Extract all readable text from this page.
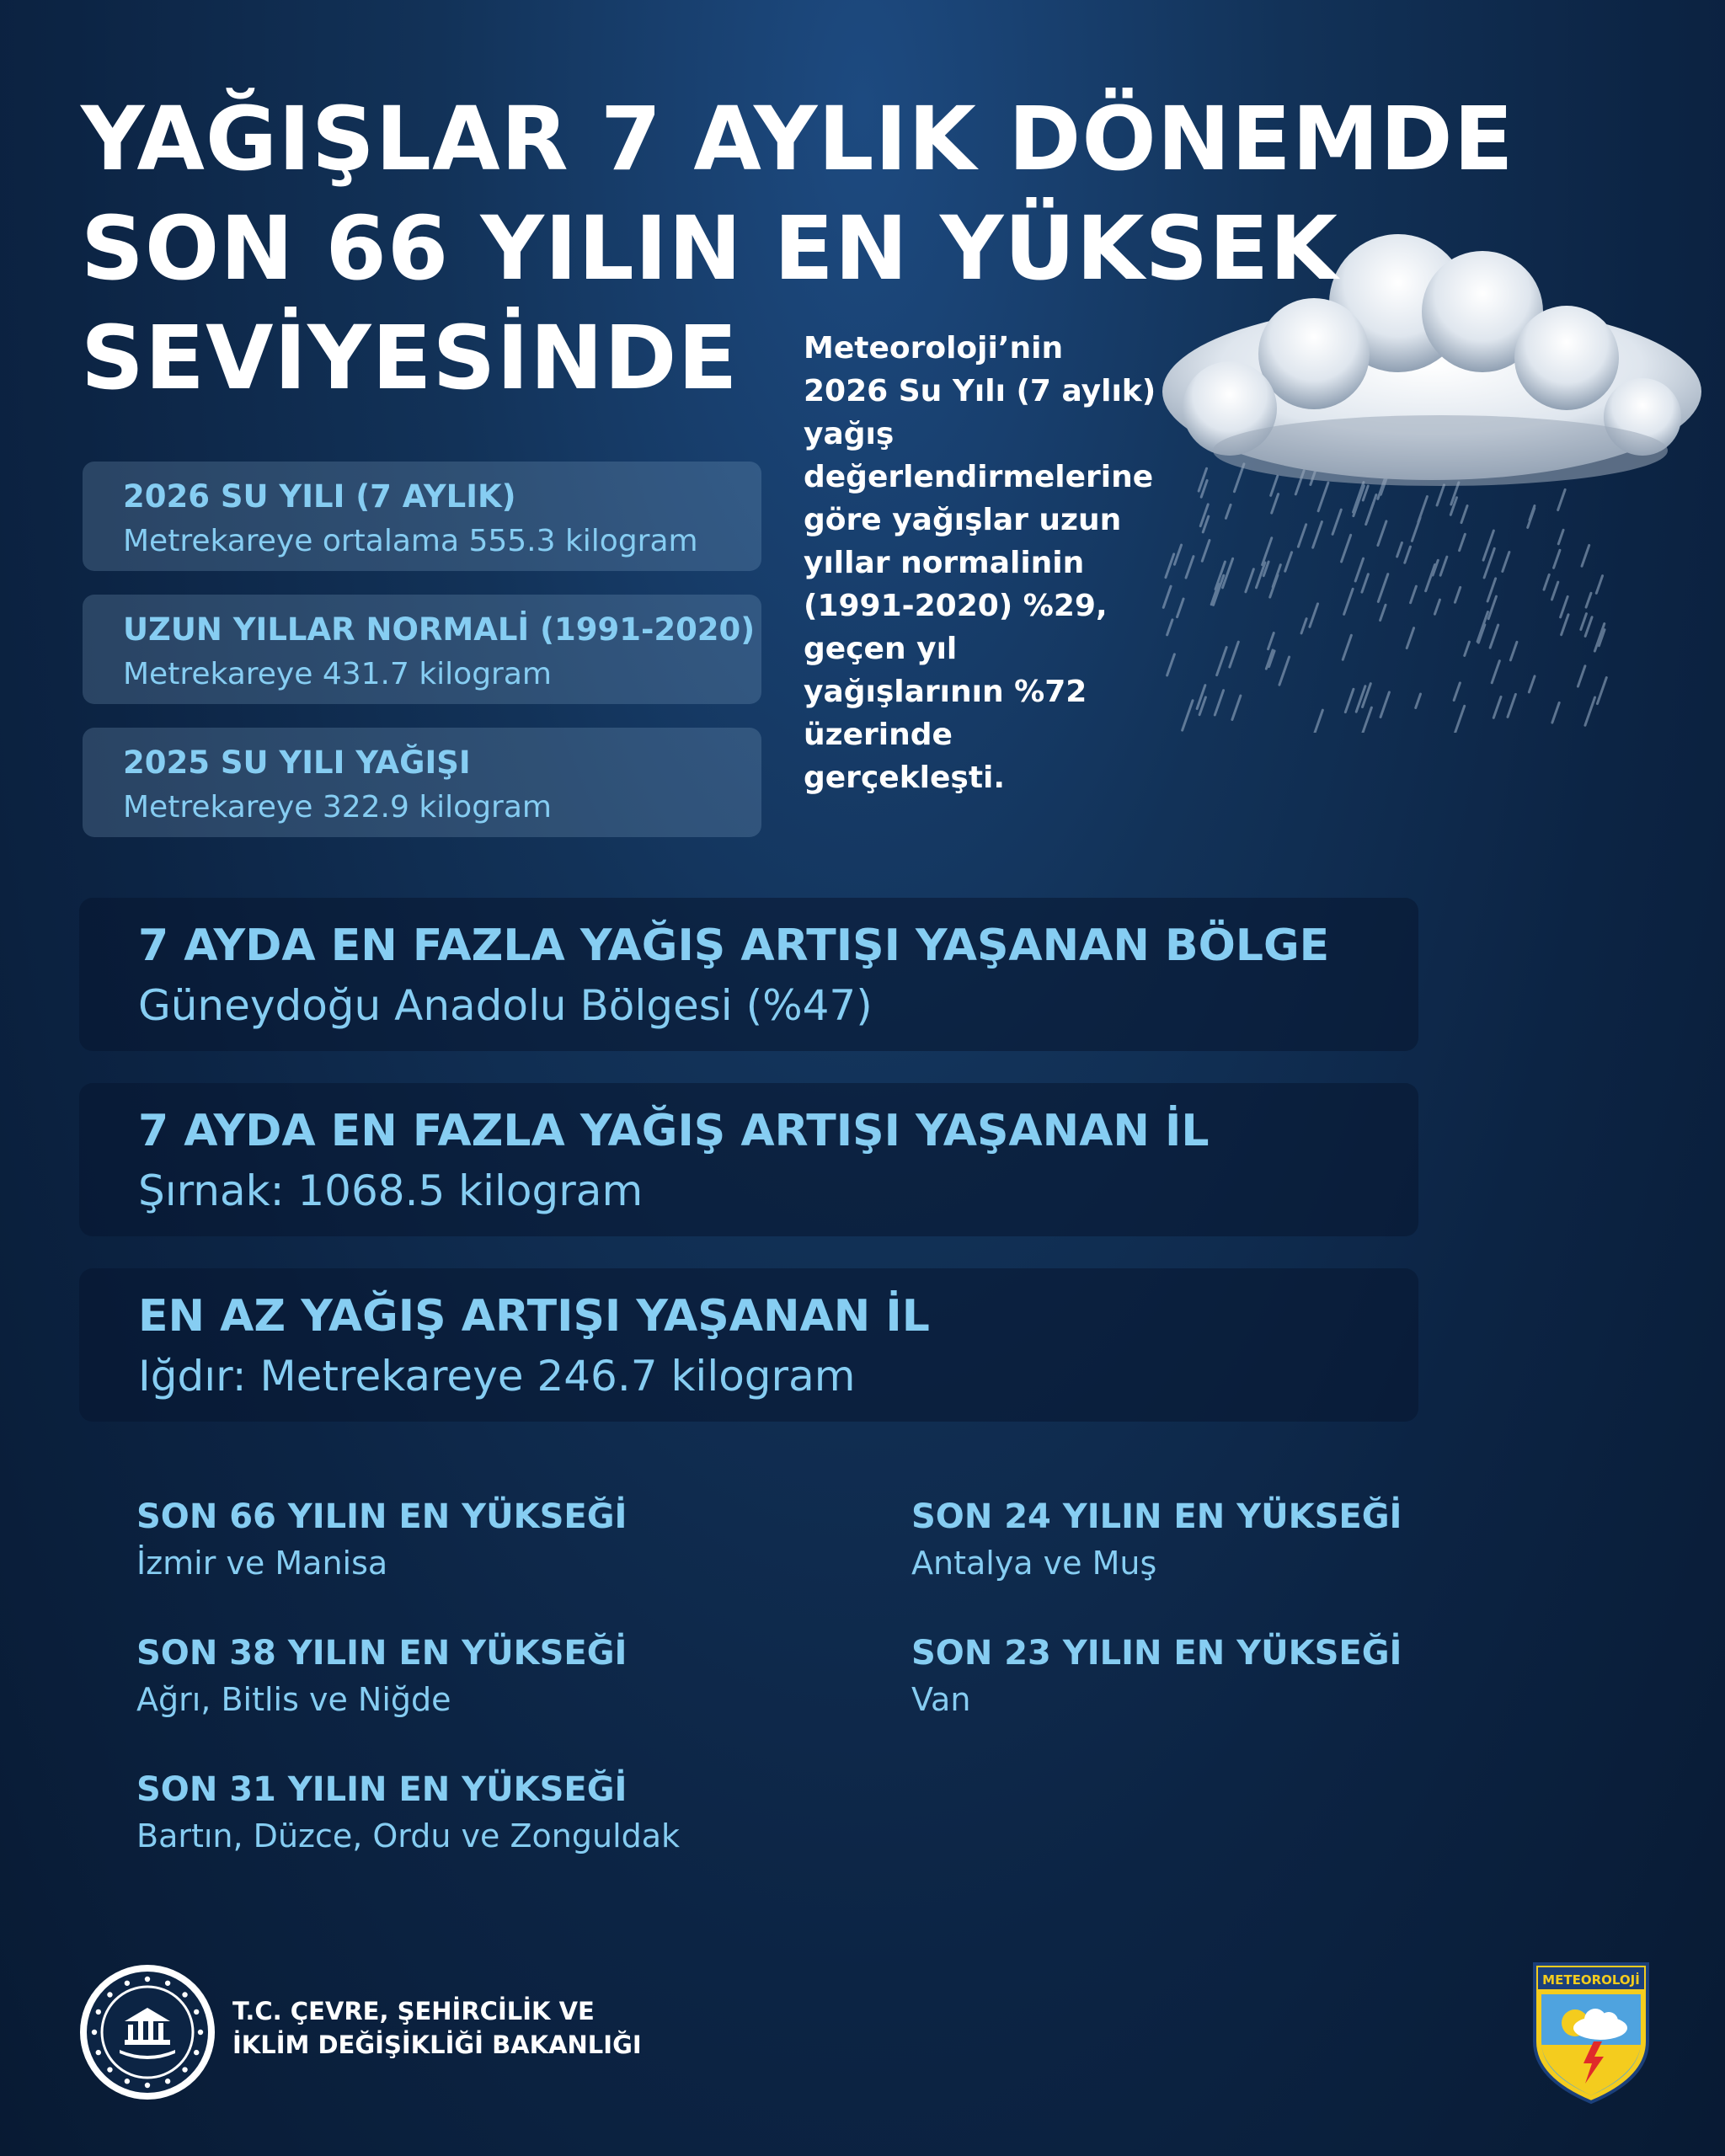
YAĞIŞLAR 7 AYLIK DÖNEMDE
SON 66 YILIN EN YÜKSEK
SEVİYESİNDE	Meteoroloji’nin 2026 Su Yılı (7 aylık) yağış değerlendirmelerine göre yağışlar uzun yıllar normalinin (1991-2020) %29, geçen yıl yağışlarının %72 üzerinde gerçekleşti.
2026 SU YILI (7 AYLIK)
Metrekareye ortalama 555.3 kilogram
UZUN YILLAR NORMALİ (1991-2020)
Metrekareye 431.7 kilogram
2025 SU YILI YAĞIŞI
Metrekareye 322.9 kilogram
7 AYDA EN FAZLA YAĞIŞ ARTIŞI YAŞANAN BÖLGE
Güneydoğu Anadolu Bölgesi (%47)
7 AYDA EN FAZLA YAĞIŞ ARTIŞI YAŞANAN İL
Şırnak: 1068.5 kilogram
EN AZ YAĞIŞ ARTIŞI YAŞANAN İL
Iğdır: Metrekareye 246.7 kilogram
SON 66 YILIN EN YÜKSEĞİ
İzmir ve Manisa
SON 38 YILIN EN YÜKSEĞİ
Ağrı, Bitlis ve Niğde
SON 31 YILIN EN YÜKSEĞİ
Bartın, Düzce, Ordu ve Zonguldak
SON 24 YILIN EN YÜKSEĞİ
Antalya ve Muş
SON 23 YILIN EN YÜKSEĞİ
Van
T.C. ÇEVRE, ŞEHİRCİLİK VE
İKLİM DEĞİŞİKLİĞİ BAKANLIĞI
METEOROLOJİ
